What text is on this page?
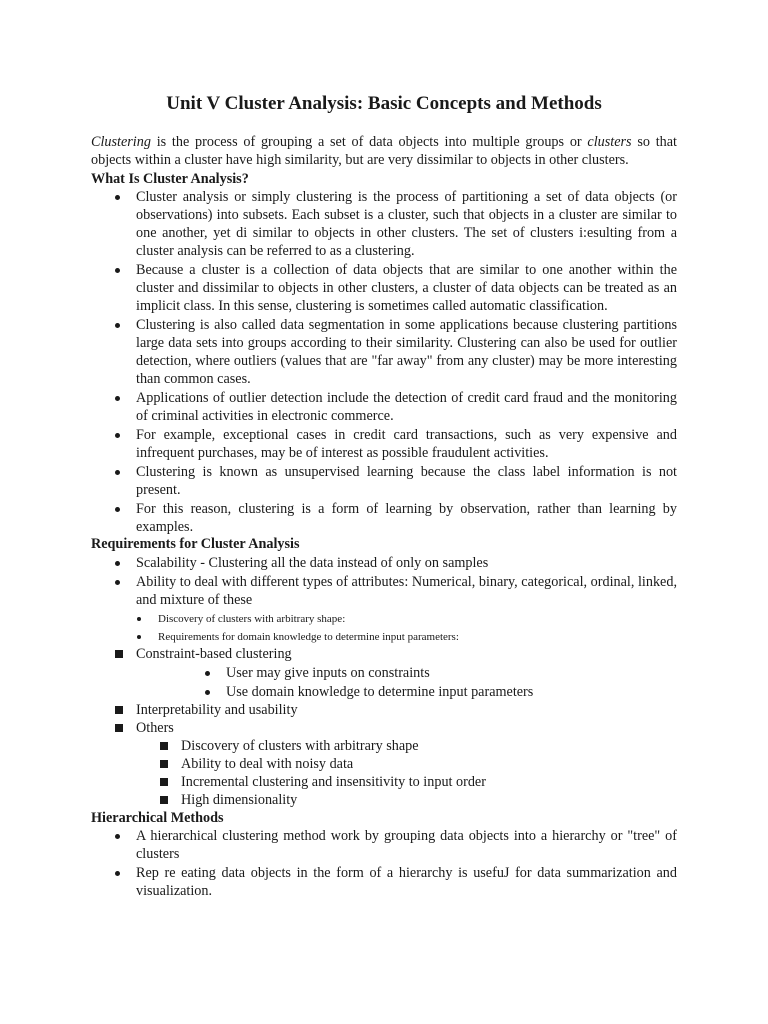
Unit V Cluster Analysis: Basic Concepts and Methods
Clustering is the process of grouping a set of data objects into multiple groups or clusters so that objects within a cluster have high similarity, but are very dissimilar to objects in other clusters.
What Is Cluster Analysis?
Cluster analysis or simply clustering is the process of partitioning a set of data objects (or observations) into subsets. Each subset is a cluster, such that objects in a cluster are similar to one another, yet di similar to objects in other clusters. The set of clusters i:esulting from a cluster analysis can be referred to as a clustering.
Because a cluster is a collection of data objects that are similar to one another within the cluster and dissimilar to objects in other clusters, a cluster of data objects can be treated as an implicit class. In this sense, clustering is sometimes called automatic classification.
Clustering is also called data segmentation in some applications because clustering partitions large data sets into groups according to their similarity. Clustering can also be used for outlier detection, where outliers (values that are "far away" from any cluster) may be more interesting than common cases.
Applications of outlier detection include the detection of credit card fraud and the monitoring of criminal activities in electronic commerce.
For example, exceptional cases in credit card transactions, such as very expensive and infrequent purchases, may be of interest as possible fraudulent activities.
Clustering is known as unsupervised learning because the class label information is not present.
For this reason, clustering is a form of learning by observation, rather than learning by examples.
Requirements for Cluster Analysis
Scalability - Clustering all the data instead of only on samples
Ability to deal with different types of attributes: Numerical, binary, categorical, ordinal, linked, and mixture of these
Discovery of clusters with arbitrary shape:
Requirements for domain knowledge to determine input parameters:
Constraint-based clustering
User may give inputs on constraints
Use domain knowledge to determine input parameters
Interpretability and usability
Others
Discovery of clusters with arbitrary shape
Ability to deal with noisy data
Incremental clustering and insensitivity to input order
High dimensionality
Hierarchical Methods
A hierarchical clustering method work by grouping data objects into a hierarchy or "tree" of clusters
Rep re eating data objects in the form of a hierarchy is usefuJ for data summarization and visualization.
